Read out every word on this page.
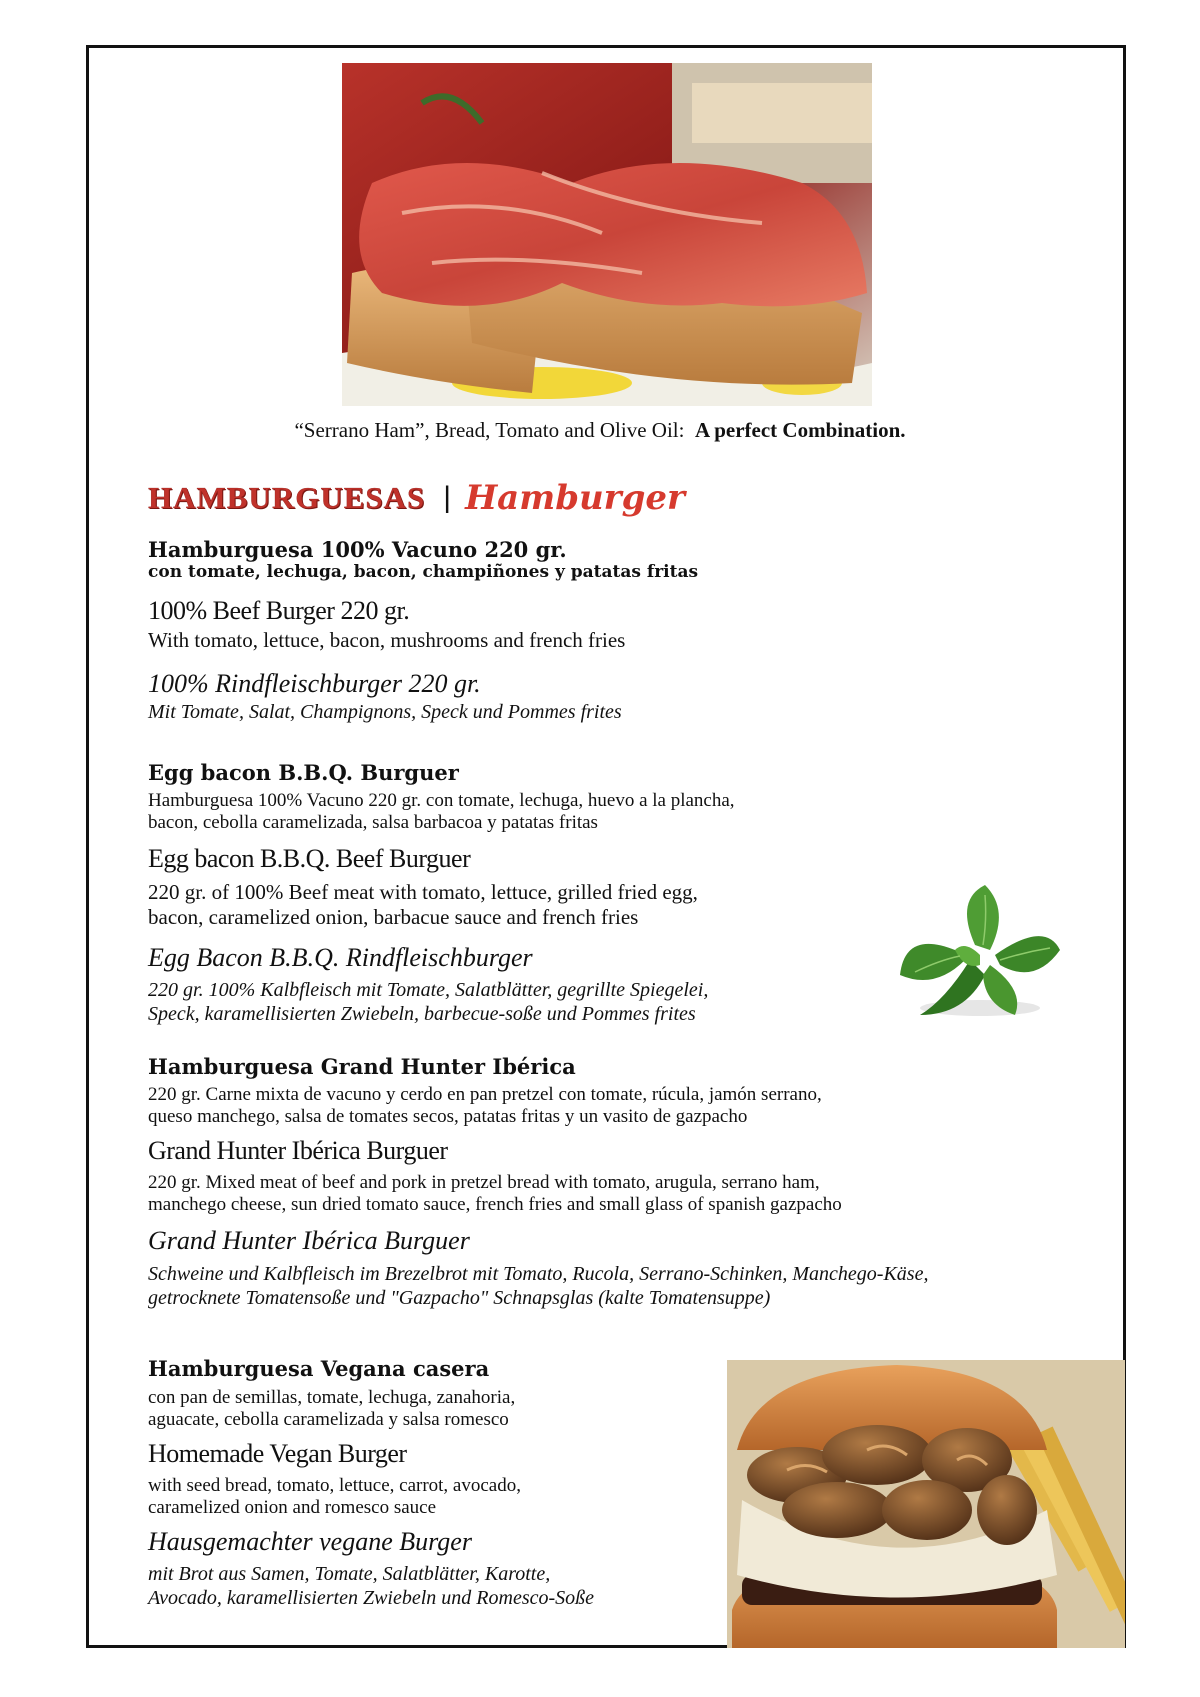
“Serrano Ham”, Bread, Tomato and Olive Oil: A perfect Combination.
HAMBURGUESAS | Hamburger
Hamburguesa 100% Vacuno 220 gr.
con tomate, lechuga, bacon, champiñones y patatas fritas
100% Beef Burger 220 gr.
With tomato, lettuce, bacon, mushrooms and french fries
100% Rindfleischburger 220 gr.
Mit Tomate, Salat, Champignons, Speck und Pommes frites
Egg bacon B.B.Q. Burguer
Hamburguesa 100% Vacuno 220 gr. con tomate, lechuga, huevo a la plancha,
bacon, cebolla caramelizada, salsa barbacoa y patatas fritas
Egg bacon B.B.Q. Beef Burguer
220 gr. of 100% Beef meat with tomato, lettuce, grilled fried egg,
bacon, caramelized onion, barbacue sauce and french fries
Egg Bacon B.B.Q. Rindfleischburger
220 gr. 100% Kalbfleisch mit Tomate, Salatblätter, gegrillte Spiegelei,
Speck, karamellisierten Zwiebeln, barbecue-soße und Pommes frites
Hamburguesa Grand Hunter Ibérica
220 gr. Carne mixta de vacuno y cerdo en pan pretzel con tomate, rúcula, jamón serrano,
queso manchego, salsa de tomates secos, patatas fritas y un vasito de gazpacho
Grand Hunter Ibérica Burguer
220 gr. Mixed meat of beef and pork in pretzel bread with tomato, arugula, serrano ham,
manchego cheese, sun dried tomato sauce, french fries and small glass of spanish gazpacho
Grand Hunter Ibérica Burguer
Schweine und Kalbfleisch im Brezelbrot mit Tomato, Rucola, Serrano-Schinken, Manchego-Käse,
getrocknete Tomatensoße und "Gazpacho" Schnapsglas (kalte Tomatensuppe)
Hamburguesa Vegana casera
con pan de semillas, tomate, lechuga, zanahoria,
aguacate, cebolla caramelizada y salsa romesco
Homemade Vegan Burger
with seed bread, tomato, lettuce, carrot, avocado,
caramelized onion and romesco sauce
Hausgemachter vegane Burger
mit Brot aus Samen, Tomate, Salatblätter, Karotte,
Avocado, karamellisierten Zwiebeln und Romesco-Soße
